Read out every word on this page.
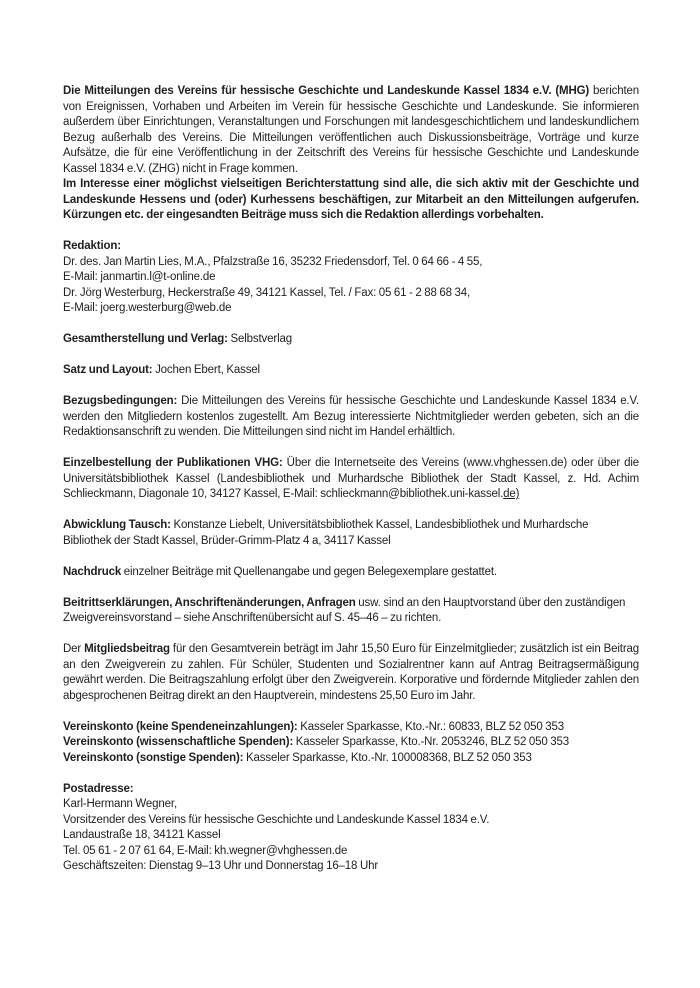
Die Mitteilungen des Vereins für hessische Geschichte und Landeskunde Kassel 1834 e.V. (MHG) berichten von Ereignissen, Vorhaben und Arbeiten im Verein für hessische Geschichte und Landeskunde. Sie informieren außerdem über Einrichtungen, Veranstaltungen und Forschungen mit landesgeschichtlichem und landeskundlichem Bezug außerhalb des Vereins. Die Mitteilungen veröffentlichen auch Diskussionsbeiträge, Vorträge und kurze Aufsätze, die für eine Veröffentlichung in der Zeitschrift des Vereins für hessische Geschichte und Landeskunde Kassel 1834 e.V. (ZHG) nicht in Frage kommen.

Im Interesse einer möglichst vielseitigen Berichterstattung sind alle, die sich aktiv mit der Geschichte und Landeskunde Hessens und (oder) Kurhessens beschäftigen, zur Mitarbeit an den Mitteilungen aufgerufen. Kürzungen etc. der eingesandten Beiträge muss sich die Redaktion allerdings vorbehalten.

Redaktion:
Dr. des. Jan Martin Lies, M.A., Pfalzstraße 16, 35232 Friedensdorf, Tel. 0 64 66 - 4 55,
E-Mail: janmartin.l@t-online.de
Dr. Jörg Westerburg, Heckerstraße 49, 34121 Kassel, Tel. / Fax: 05 61 - 2 88 68 34,
E-Mail: joerg.westerburg@web.de

Gesamtherstellung und Verlag: Selbstverlag

Satz und Layout: Jochen Ebert, Kassel

Bezugsbedingungen: Die Mitteilungen des Vereins für hessische Geschichte und Landeskunde Kassel 1834 e.V. werden den Mitgliedern kostenlos zugestellt. Am Bezug interessierte Nichtmitglieder werden gebeten, sich an die Redaktionsanschrift zu wenden. Die Mitteilungen sind nicht im Handel erhältlich.

Einzelbestellung der Publikationen VHG: Über die Internetseite des Vereins (www.vhghessen.de) oder über die Universitätsbibliothek Kassel (Landesbibliothek und Murhardsche Bibliothek der Stadt Kassel, z. Hd. Achim Schlieckmann, Diagonale 10, 34127 Kassel, E-Mail: schlieckmann@bibliothek.uni-kassel.de)

Abwicklung Tausch: Konstanze Liebelt, Universitätsbibliothek Kassel, Landesbibliothek und Murhardsche Bibliothek der Stadt Kassel, Brüder-Grimm-Platz 4 a, 34117 Kassel

Nachdruck einzelner Beiträge mit Quellenangabe und gegen Belegexemplare gestattet.

Beitrittserklärungen, Anschriftenänderungen, Anfragen usw. sind an den Hauptvorstand über den zuständigen Zweigvereinsvorstand – siehe Anschriftenübersicht auf S. 45–46 – zu richten.

Der Mitgliedsbeitrag für den Gesamtverein beträgt im Jahr 15,50 Euro für Einzelmitglieder; zusätzlich ist ein Beitrag an den Zweigverein zu zahlen. Für Schüler, Studenten und Sozialrentner kann auf Antrag Beitragsermäßigung gewährt werden. Die Beitragszahlung erfolgt über den Zweigverein. Korporative und fördernde Mitglieder zahlen den abgesprochenen Beitrag direkt an den Hauptverein, mindestens 25,50 Euro im Jahr.

Vereinskonto (keine Spendeneinzahlungen): Kasseler Sparkasse, Kto.-Nr.: 60833, BLZ 52 050 353
Vereinskonto (wissenschaftliche Spenden): Kasseler Sparkasse, Kto.-Nr. 2053246, BLZ 52 050 353
Vereinskonto (sonstige Spenden): Kasseler Sparkasse, Kto.-Nr. 100008368, BLZ 52 050 353

Postadresse:
Karl-Hermann Wegner,
Vorsitzender des Vereins für hessische Geschichte und Landeskunde Kassel 1834 e.V.
Landaustraße 18, 34121 Kassel
Tel. 05 61 - 2 07 61 64, E-Mail: kh.wegner@vhghessen.de
Geschäftszeiten: Dienstag 9–13 Uhr und Donnerstag 16–18 Uhr
